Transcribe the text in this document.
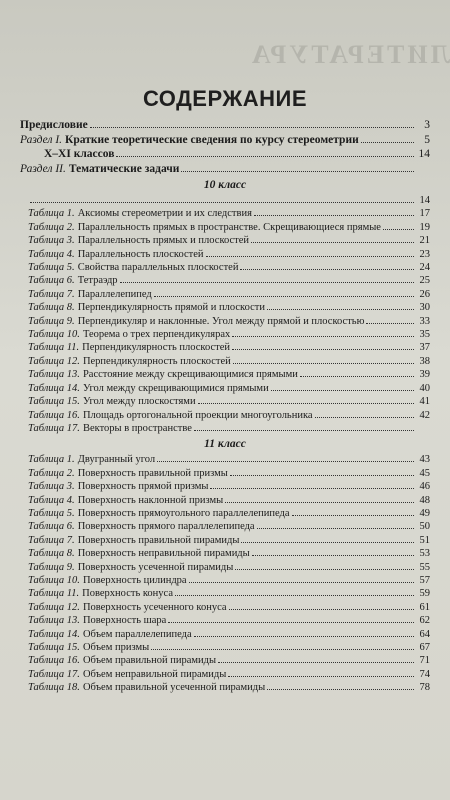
ЛИТЕРАТУРА
СОДЕРЖАНИЕ
Предисловие	3
Раздел I. Краткие теоретические сведения по курсу стереометрии	5
X–XI классов	14
Раздел II. Тематические задачи
10 класс
14
Таблица 1. Аксиомы стереометрии и их следствия	17
Таблица 2. Параллельность прямых в пространстве. Скрещивающиеся прямые	19
Таблица 3. Параллельность прямых и плоскостей	21
Таблица 4. Параллельность плоскостей	23
Таблица 5. Свойства параллельных плоскостей	24
Таблица 6. Тетраэдр	25
Таблица 7. Параллелепипед	26
Таблица 8. Перпендикулярность прямой и плоскости	30
Таблица 9. Перпендикуляр и наклонные. Угол между прямой и плоскостью	33
Таблица 10. Теорема о трех перпендикулярах	35
Таблица 11. Перпендикулярность плоскостей	37
Таблица 12. Перпендикулярность плоскостей	38
Таблица 13. Расстояние между скрещивающимися прямыми	39
Таблица 14. Угол между скрещивающимися прямыми	40
Таблица 15. Угол между плоскостями	41
Таблица 16. Площадь ортогональной проекции многоугольника	42
Таблица 17. Векторы в пространстве
11 класс
Таблица 1. Двугранный угол	43
Таблица 2. Поверхность правильной призмы	45
Таблица 3. Поверхность прямой призмы	46
Таблица 4. Поверхность наклонной призмы	48
Таблица 5. Поверхность прямоугольного параллелепипеда	49
Таблица 6. Поверхность прямого параллелепипеда	50
Таблица 7. Поверхность правильной пирамиды	51
Таблица 8. Поверхность неправильной пирамиды	53
Таблица 9. Поверхность усеченной пирамиды	55
Таблица 10. Поверхность цилиндра	57
Таблица 11. Поверхность конуса	59
Таблица 12. Поверхность усеченного конуса	61
Таблица 13. Поверхность шара	62
Таблица 14. Объем параллелепипеда	64
Таблица 15. Объем призмы	67
Таблица 16. Объем правильной пирамиды	71
Таблица 17. Объем неправильной пирамиды	74
Таблица 18. Объем правильной усеченной пирамиды	78
